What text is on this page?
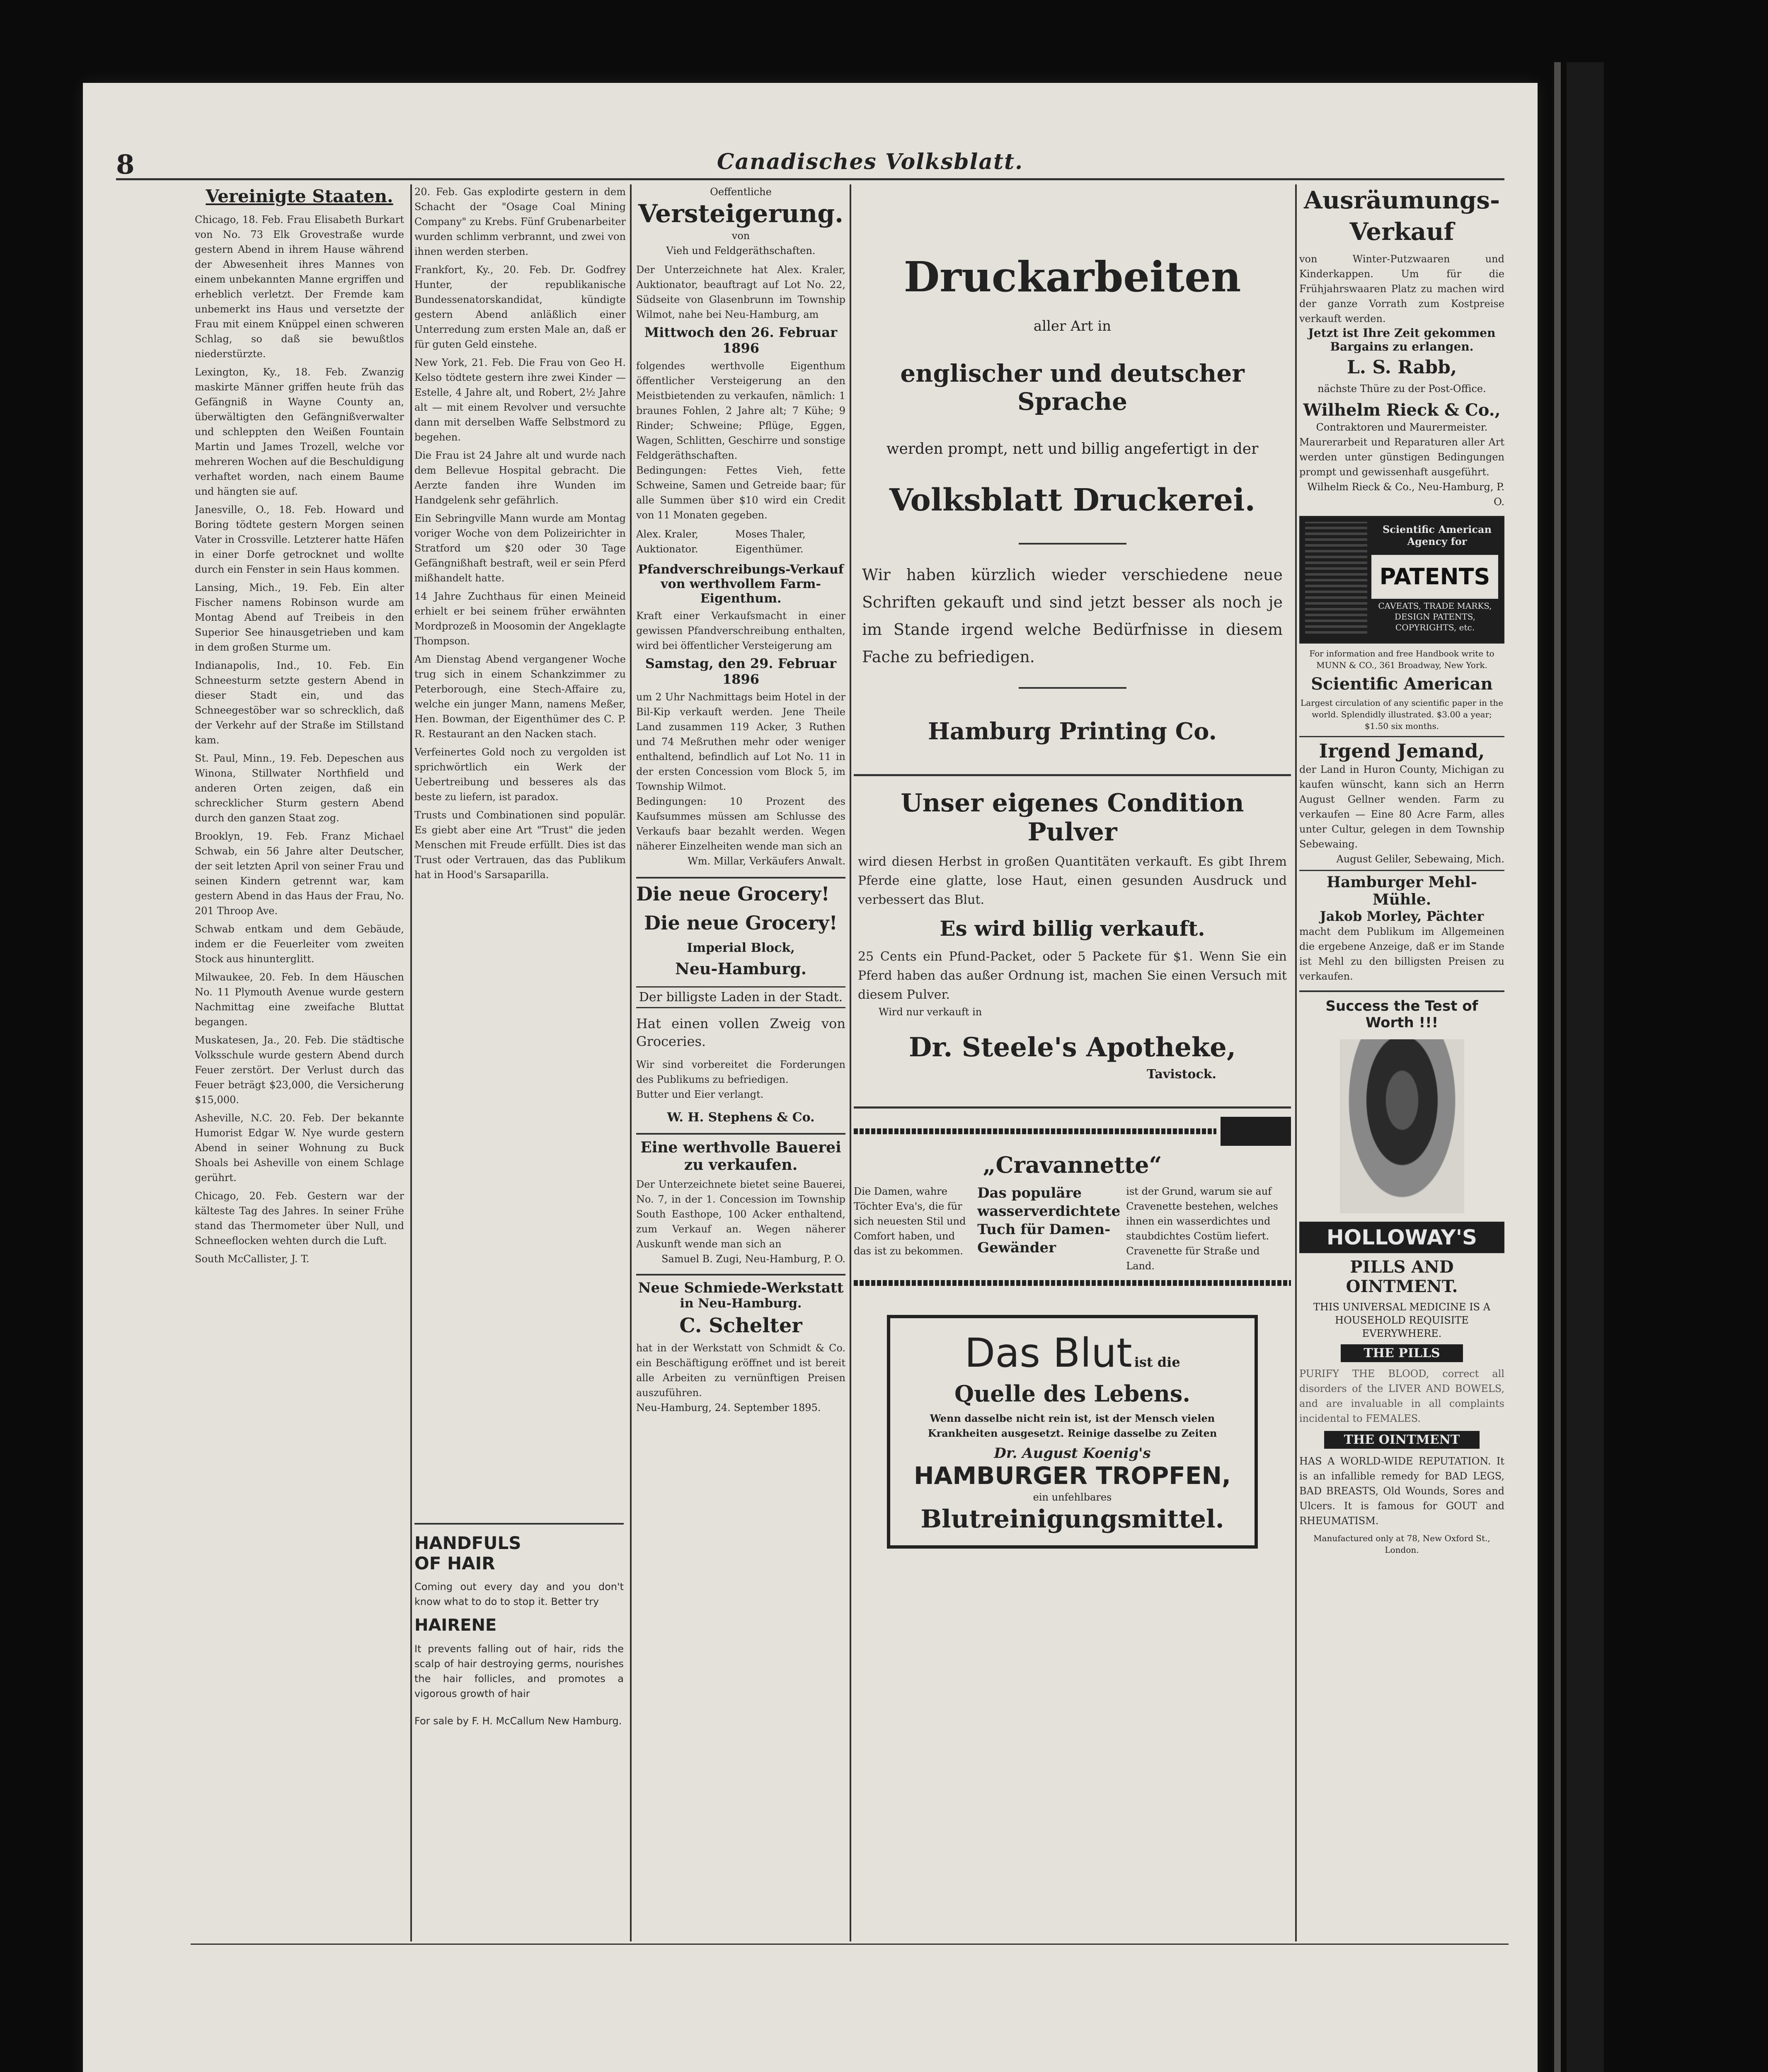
8	Canadisches Volksblatt.
Vereinigte Staaten.

Chicago, 18. Feb. Frau Elisabeth Burkart von No. 73 Elk Grovestraße wurde gestern Abend in ihrem Hause während der Abwesenheit ihres Mannes von einem unbekannten Manne ergriffen und erheblich verletzt. Der Fremde kam unbemerkt ins Haus und versetzte der Frau mit einem Knüppel einen schweren Schlag, so daß sie bewußtlos niederstürzte.

Lexington, Ky., 18. Feb. Zwanzig maskirte Männer griffen heute früh das Gefängniß in Wayne County an, überwältigten den Gefängnißverwalter und schleppten den Weißen Fountain Martin und James Trozell, welche vor mehreren Wochen auf die Beschuldigung verhaftet worden, nach einem Baume und hängten sie auf.

Janesville, O., 18. Feb. Howard und Boring tödtete gestern Morgen seinen Vater in Crossville. Letzterer hatte Häfen in einer Dorfe getrocknet und wollte durch ein Fenster in sein Haus kommen.

Lansing, Mich., 19. Feb. Ein alter Fischer namens Robinson wurde am Montag Abend auf Treibeis in den Superior See hinausgetrieben und kam in dem großen Sturme um.

Indianapolis, Ind., 10. Feb. Ein Schneesturm setzte gestern Abend in dieser Stadt ein, und das Schneegestöber war so schrecklich, daß der Verkehr auf der Straße im Stillstand kam.

St. Paul, Minn., 19. Feb. Depeschen aus Winona, Stillwater Northfield und anderen Orten zeigen, daß ein schrecklicher Sturm gestern Abend durch den ganzen Staat zog.

Brooklyn, 19. Feb. Franz Michael Schwab, ein 56 Jahre alter Deutscher, der seit letzten April von seiner Frau und seinen Kindern getrennt war, kam gestern Abend in das Haus der Frau, No. 201 Throop Ave.

Schwab entkam und dem Gebäude, indem er die Feuerleiter vom zweiten Stock aus hinunterglitt.

Milwaukee, 20. Feb. In dem Häuschen No. 11 Plymouth Avenue wurde gestern Nachmittag eine zweifache Bluttat begangen.

Muskatesen, Ja., 20. Feb. Die städtische Volksschule wurde gestern Abend durch Feuer zerstört. Der Verlust durch das Feuer beträgt $23,000, die Versicherung $15,000.

Asheville, N.C. 20. Feb. Der bekannte Humorist Edgar W. Nye wurde gestern Abend in seiner Wohnung zu Buck Shoals bei Asheville von einem Schlage gerührt.

Chicago, 20. Feb. Gestern war der kälteste Tag des Jahres. In seiner Frühe stand das Thermometer über Null, und Schneeflocken wehten durch die Luft.

South McCallister, J. T.

20. Feb. Gas explodirte gestern in dem Schacht der "Osage Coal Mining Company" zu Krebs. Fünf Grubenarbeiter wurden schlimm verbrannt, und zwei von ihnen werden sterben.

Frankfort, Ky., 20. Feb. Dr. Godfrey Hunter, der republikanische Bundessenatorskandidat, kündigte gestern Abend anläßlich einer Unterredung zum ersten Male an, daß er für guten Geld einstehe.

New York, 21. Feb. Die Frau von Geo H. Kelso tödtete gestern ihre zwei Kinder — Estelle, 4 Jahre alt, und Robert, 2½ Jahre alt — mit einem Revolver und versuchte dann mit derselben Waffe Selbstmord zu begehen.

Die Frau ist 24 Jahre alt und wurde nach dem Bellevue Hospital gebracht. Die Aerzte fanden ihre Wunden im Handgelenk sehr gefährlich.

Ein Sebringville Mann wurde am Montag voriger Woche von dem Polizeirichter in Stratford um $20 oder 30 Tage Gefängnißhaft bestraft, weil er sein Pferd mißhandelt hatte.

14 Jahre Zuchthaus für einen Meineid erhielt er bei seinem früher erwähnten Mordprozeß in Moosomin der Angeklagte Thompson.

Am Dienstag Abend vergangener Woche trug sich in einem Schankzimmer zu Peterborough, eine Stech-Affaire zu, welche ein junger Mann, namens Meßer, Hen. Bowman, der Eigenthümer des C. P. R. Restaurant an den Nacken stach.

Verfeinertes Gold noch zu vergolden ist sprichwörtlich ein Werk der Uebertreibung und besseres als das beste zu liefern, ist paradox.

Trusts und Combinationen sind populär. Es giebt aber eine Art "Trust" die jeden Menschen mit Freude erfüllt. Dies ist das Trust oder Vertrauen, das das Publikum hat in Hood's Sarsaparilla.

HANDFULS
OF HAIR
Coming out every day and you don't know what to do to stop it. Better try
HAIRENE
It prevents falling out of hair, rids the scalp of hair destroying germs, nourishes the hair follicles, and promotes a vigorous growth of hair
For sale by F. H. McCallum New Hamburg.
Oeffentliche
Versteigerung.
von
Vieh und Feldgeräthschaften.
Der Unterzeichnete hat Alex. Kraler, Auktionator, beauftragt auf Lot No. 22, Südseite von Glasenbrunn im Township Wilmot, nahe bei Neu-Hamburg, am
Mittwoch den 26. Februar 1896
folgendes werthvolle Eigenthum öffentlicher Versteigerung an den Meistbietenden zu verkaufen, nämlich: 1 braunes Fohlen, 2 Jahre alt; 7 Kühe; 9 Rinder; Schweine; Pflüge, Eggen, Wagen, Schlitten, Geschirre und sonstige Feldgeräthschaften.
Bedingungen: Fettes Vieh, fette Schweine, Samen und Getreide baar; für alle Summen über $10 wird ein Credit von 11 Monaten gegeben.
Alex. Kraler, Auktionator.
Moses Thaler, Eigenthümer.
Pfandverschreibungs-Verkauf von werthvollem Farm-Eigenthum.
Kraft einer Verkaufsmacht in einer gewissen Pfandverschreibung enthalten, wird bei öffentlicher Versteigerung am
Samstag, den 29. Februar 1896
um 2 Uhr Nachmittags beim Hotel in der Bil-Kip verkauft werden. Jene Theile Land zusammen 119 Acker, 3 Ruthen und 74 Meßruthen mehr oder weniger enthaltend, befindlich auf Lot No. 11 in der ersten Concession vom Block 5, im Township Wilmot.
Bedingungen: 10 Prozent des Kaufsummes müssen am Schlusse des Verkaufs baar bezahlt werden. Wegen näherer Einzelheiten wende man sich an
Wm. Millar, Verkäufers Anwalt.
Die neue Grocery!
Die neue Grocery!
Imperial Block,
Neu-Hamburg.
Der billigste Laden in der Stadt.
Hat einen vollen Zweig von Groceries.
Wir sind vorbereitet die Forderungen des Publikums zu befriedigen.
Butter und Eier verlangt.
W. H. Stephens & Co.
Eine werthvolle Bauerei zu verkaufen.
Der Unterzeichnete bietet seine Bauerei, No. 7, in der 1. Concession im Township South Easthope, 100 Acker enthaltend, zum Verkauf an. Wegen näherer Auskunft wende man sich an
Samuel B. Zugi, Neu-Hamburg, P. O.
Neue Schmiede-Werkstatt
in Neu-Hamburg.
C. Schelter
hat in der Werkstatt von Schmidt & Co. ein Beschäftigung eröffnet und ist bereit alle Arbeiten zu vernünftigen Preisen auszuführen.
Neu-Hamburg, 24. September 1895.
Druckarbeiten
aller Art in
englischer und deutscher Sprache
werden prompt, nett und billig angefertigt in der
Volksblatt Druckerei.
Wir haben kürzlich wieder verschiedene neue Schriften gekauft und sind jetzt besser als noch je im Stande irgend welche Bedürfnisse in diesem Fache zu befriedigen.
Hamburg Printing Co.
Unser eigenes Condition Pulver
wird diesen Herbst in großen Quantitäten verkauft. Es gibt Ihrem Pferde eine glatte, lose Haut, einen gesunden Ausdruck und verbessert das Blut.
Es wird billig verkauft.
25 Cents ein Pfund-Packet, oder 5 Packete für $1. Wenn Sie ein Pferd haben das außer Ordnung ist, machen Sie einen Versuch mit diesem Pulver.
Wird nur verkauft in
Dr. Steele's Apotheke,
Tavistock.
„Cravannette“
Die Damen, wahre Töchter Eva's, die für sich neuesten Stil und Comfort haben, und das ist zu bekommen.
Das populäre wasserverdichtete Tuch für Damen-Gewänder
ist der Grund, warum sie auf Cravenette bestehen, welches ihnen ein wasserdichtes und staubdichtes Costüm liefert. Cravenette für Straße und Land.
Das Blut ist die
Quelle des Lebens.
Wenn dasselbe nicht rein ist, ist der Mensch vielen Krankheiten ausgesetzt. Reinige dasselbe zu Zeiten
Dr. August Koenig's
HAMBURGER TROPFEN,
ein unfehlbares
Blutreinigungsmittel.
Ausräumungs-Verkauf
von Winter-Putzwaaren und Kinderkappen. Um für die Frühjahrswaaren Platz zu machen wird der ganze Vorrath zum Kostpreise verkauft werden.
Jetzt ist Ihre Zeit gekommen Bargains zu erlangen.
L. S. Rabb,
nächste Thüre zu der Post-Office.
Wilhelm Rieck & Co.,
Contraktoren und Maurermeister.
Maurerarbeit und Reparaturen aller Art werden unter günstigen Bedingungen prompt und gewissenhaft ausgeführt.
Wilhelm Rieck & Co., Neu-Hamburg, P. O.
Scientific American Agency for
PATENTS
CAVEATS, TRADE MARKS, DESIGN PATENTS, COPYRIGHTS, etc.
For information and free Handbook write to MUNN & CO., 361 Broadway, New York.
Scientific American
Largest circulation of any scientific paper in the world. Splendidly illustrated. $3.00 a year; $1.50 six months.
Irgend Jemand,
der Land in Huron County, Michigan zu kaufen wünscht, kann sich an Herrn August Gellner wenden. Farm zu verkaufen — Eine 80 Acre Farm, alles unter Cultur, gelegen in dem Township Sebewaing.
August Geliler, Sebewaing, Mich.
Hamburger Mehl-Mühle.
Jakob Morley, Pächter
macht dem Publikum im Allgemeinen die ergebene Anzeige, daß er im Stande ist Mehl zu den billigsten Preisen zu verkaufen.
Success the Test of Worth !!!
HOLLOWAY'S
PILLS AND OINTMENT.
THIS UNIVERSAL MEDICINE IS A HOUSEHOLD REQUISITE EVERYWHERE.
THE PILLS
PURIFY THE BLOOD, correct all disorders of the LIVER AND BOWELS, and are invaluable in all complaints incidental to FEMALES.
THE OINTMENT
HAS A WORLD-WIDE REPUTATION. It is an infallible remedy for BAD LEGS, BAD BREASTS, Old Wounds, Sores and Ulcers. It is famous for GOUT and RHEUMATISM.
Manufactured only at 78, New Oxford St., London.
